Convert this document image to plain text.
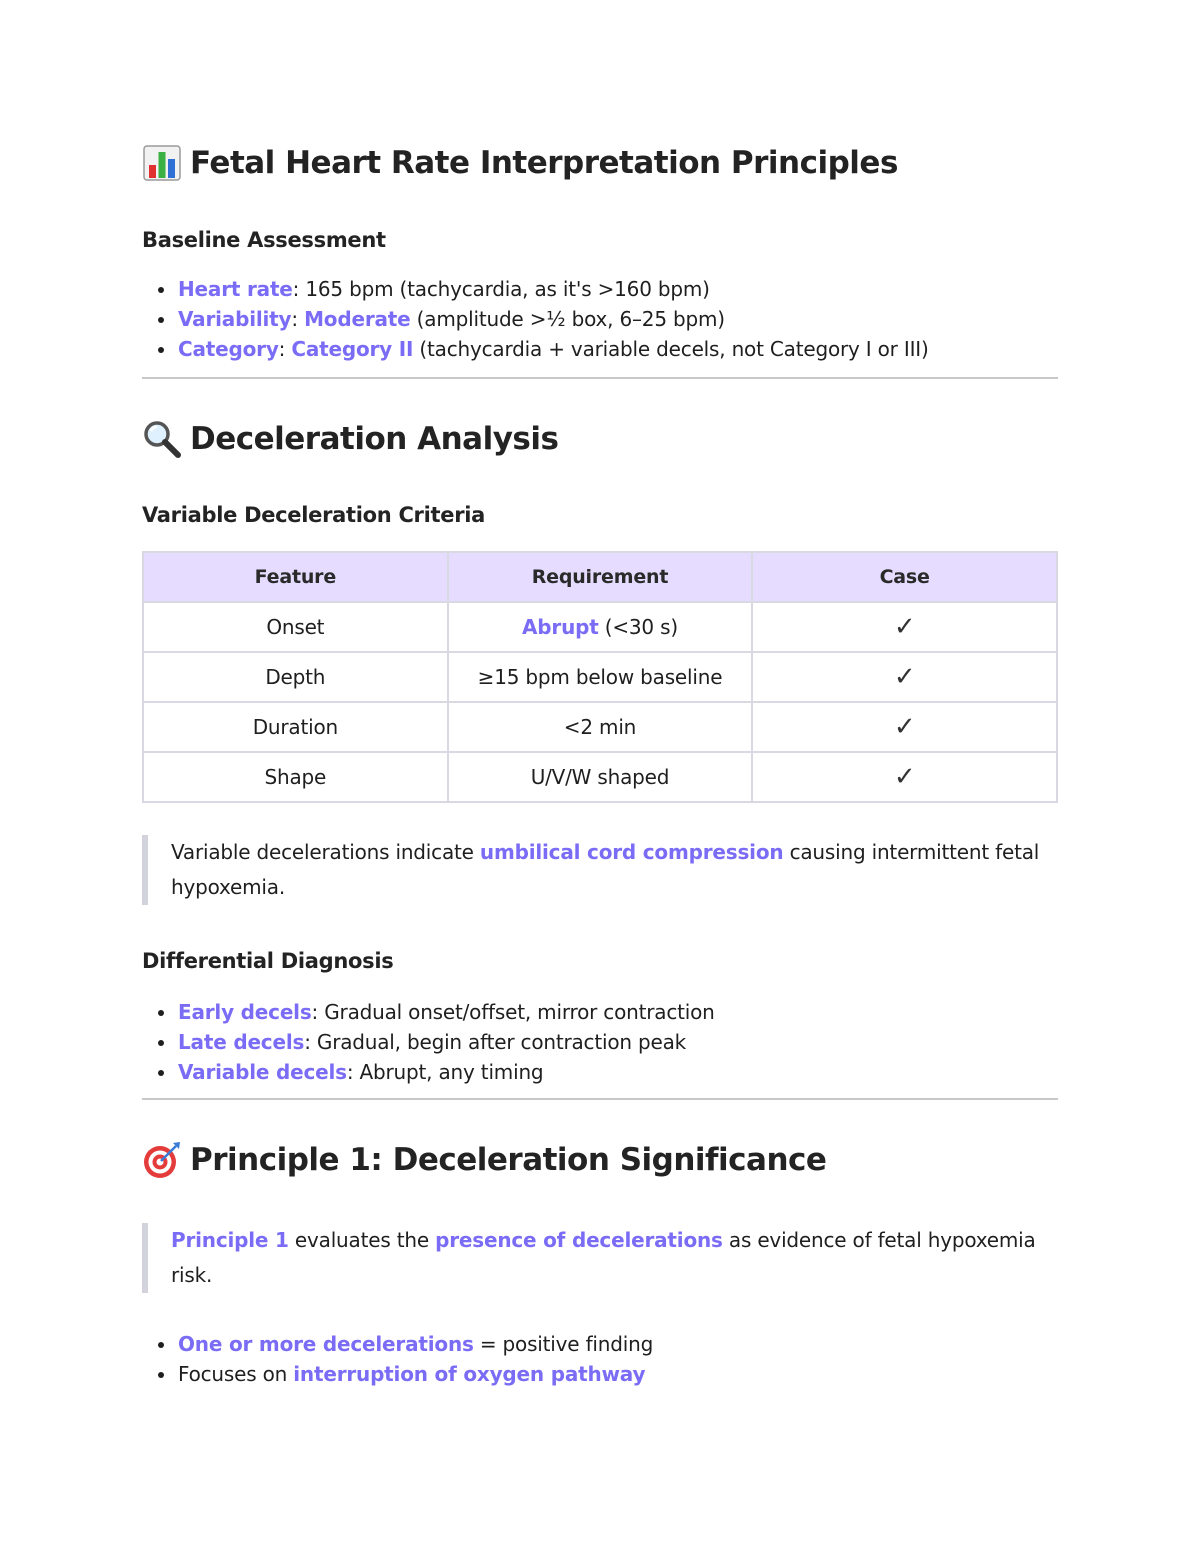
Fetal Heart Rate Interpretation Principles
Baseline Assessment
Heart rate: 165 bpm (tachycardia, as it's >160 bpm)
Variability: Moderate (amplitude >½ box, 6–25 bpm)
Category: Category II (tachycardia + variable decels, not Category I or III)
Deceleration Analysis
Variable Deceleration Criteria
Feature	Requirement	Case
Onset	Abrupt (<30 s)	✓
Depth	≥15 bpm below baseline	✓
Duration	<2 min	✓
Shape	U/V/W shaped	✓
Variable decelerations indicate umbilical cord compression causing intermittent fetal
hypoxemia.
Differential Diagnosis
Early decels: Gradual onset/offset, mirror contraction
Late decels: Gradual, begin after contraction peak
Variable decels: Abrupt, any timing
Principle 1: Deceleration Significance
Principle 1 evaluates the presence of decelerations as evidence of fetal hypoxemia
risk.
One or more decelerations = positive finding
Focuses on interruption of oxygen pathway
